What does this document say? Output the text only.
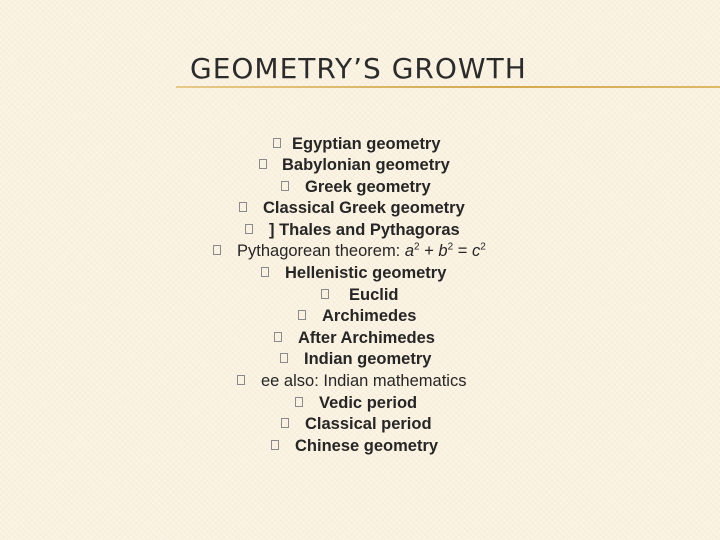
GEOMETRY’S GROWTH
Egyptian geometry
Babylonian geometry
Greek geometry
Classical Greek geometry
] Thales and Pythagoras
Pythagorean theorem: $a^2 + b^2 = c^2$
Hellenistic geometry
Euclid
Archimedes
After Archimedes
Indian geometry
ee also: Indian mathematics
Vedic period
Classical period
Chinese geometry
